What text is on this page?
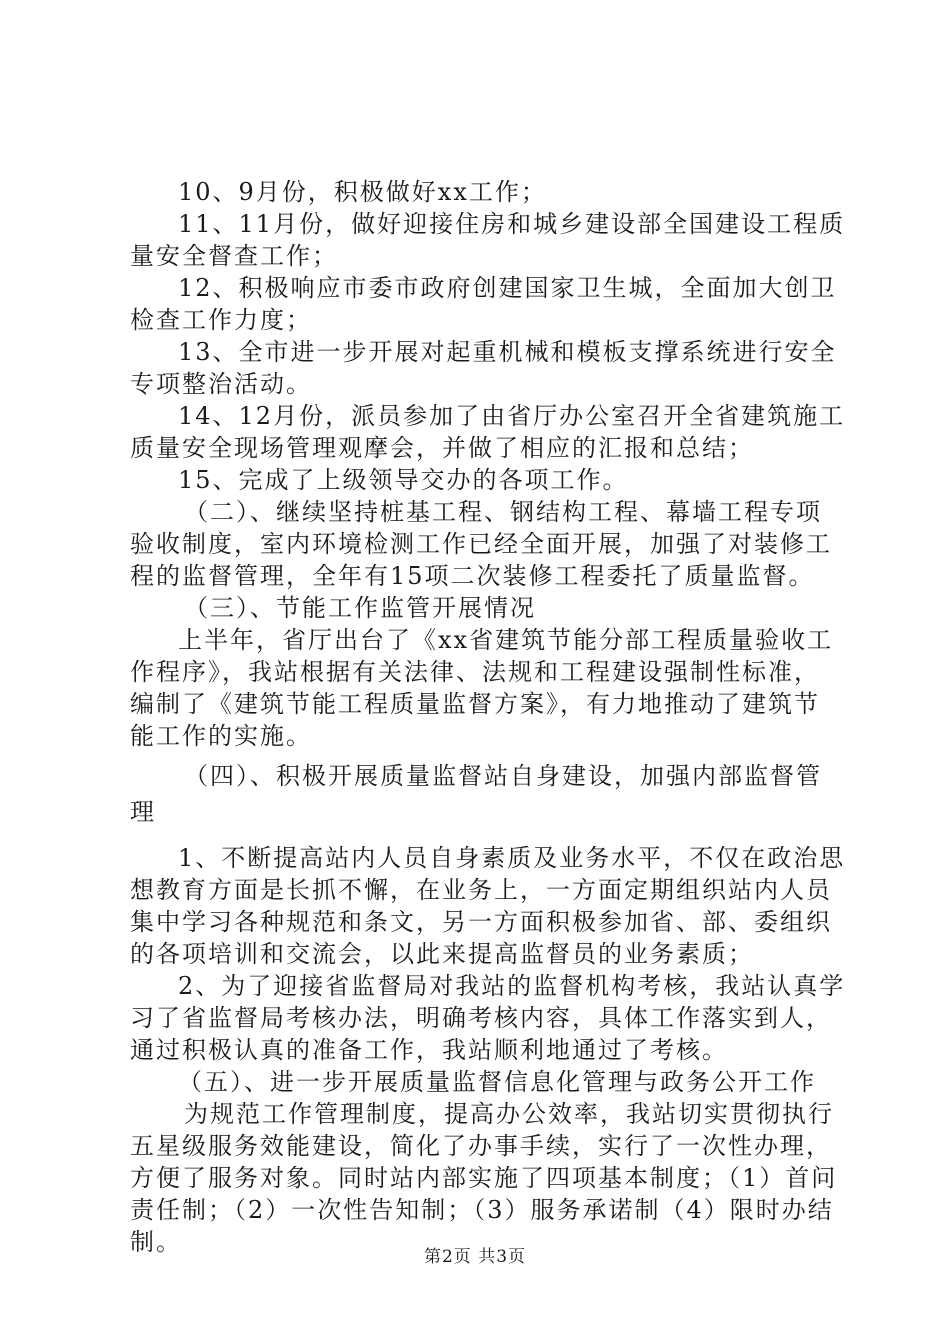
10、9月份，积极做好xx工作；
11、11月份，做好迎接住房和城乡建设部全国建设工程质
量安全督查工作；
12、积极响应市委市政府创建国家卫生城，全面加大创卫
检查工作力度；
13、全市进一步开展对起重机械和模板支撑系统进行安全
专项整治活动。
14、12月份，派员参加了由省厅办公室召开全省建筑施工
质量安全现场管理观摩会，并做了相应的汇报和总结；
15、完成了上级领导交办的各项工作。
（二）、继续坚持桩基工程、钢结构工程、幕墙工程专项
验收制度，室内环境检测工作已经全面开展，加强了对装修工
程的监督管理，全年有15项二次装修工程委托了质量监督。
（三）、节能工作监管开展情况
上半年，省厅出台了《xx省建筑节能分部工程质量验收工
作程序》，我站根据有关法律、法规和工程建设强制性标准，
编制了《建筑节能工程质量监督方案》，有力地推动了建筑节
能工作的实施。
（四）、积极开展质量监督站自身建设，加强内部监督管
理
1、不断提高站内人员自身素质及业务水平，不仅在政治思
想教育方面是长抓不懈，在业务上，一方面定期组织站内人员
集中学习各种规范和条文，另一方面积极参加省、部、委组织
的各项培训和交流会，以此来提高监督员的业务素质；
2、为了迎接省监督局对我站的监督机构考核，我站认真学
习了省监督局考核办法，明确考核内容，具体工作落实到人，
通过积极认真的准备工作，我站顺利地通过了考核。
（五）、进一步开展质量监督信息化管理与政务公开工作
为规范工作管理制度，提高办公效率，我站切实贯彻执行
五星级服务效能建设，简化了办事手续，实行了一次性办理，
方便了服务对象。同时站内部实施了四项基本制度；（1）首问
责任制；（2）一次性告知制；（3）服务承诺制（4）限时办结
制。
第2页 共3页
